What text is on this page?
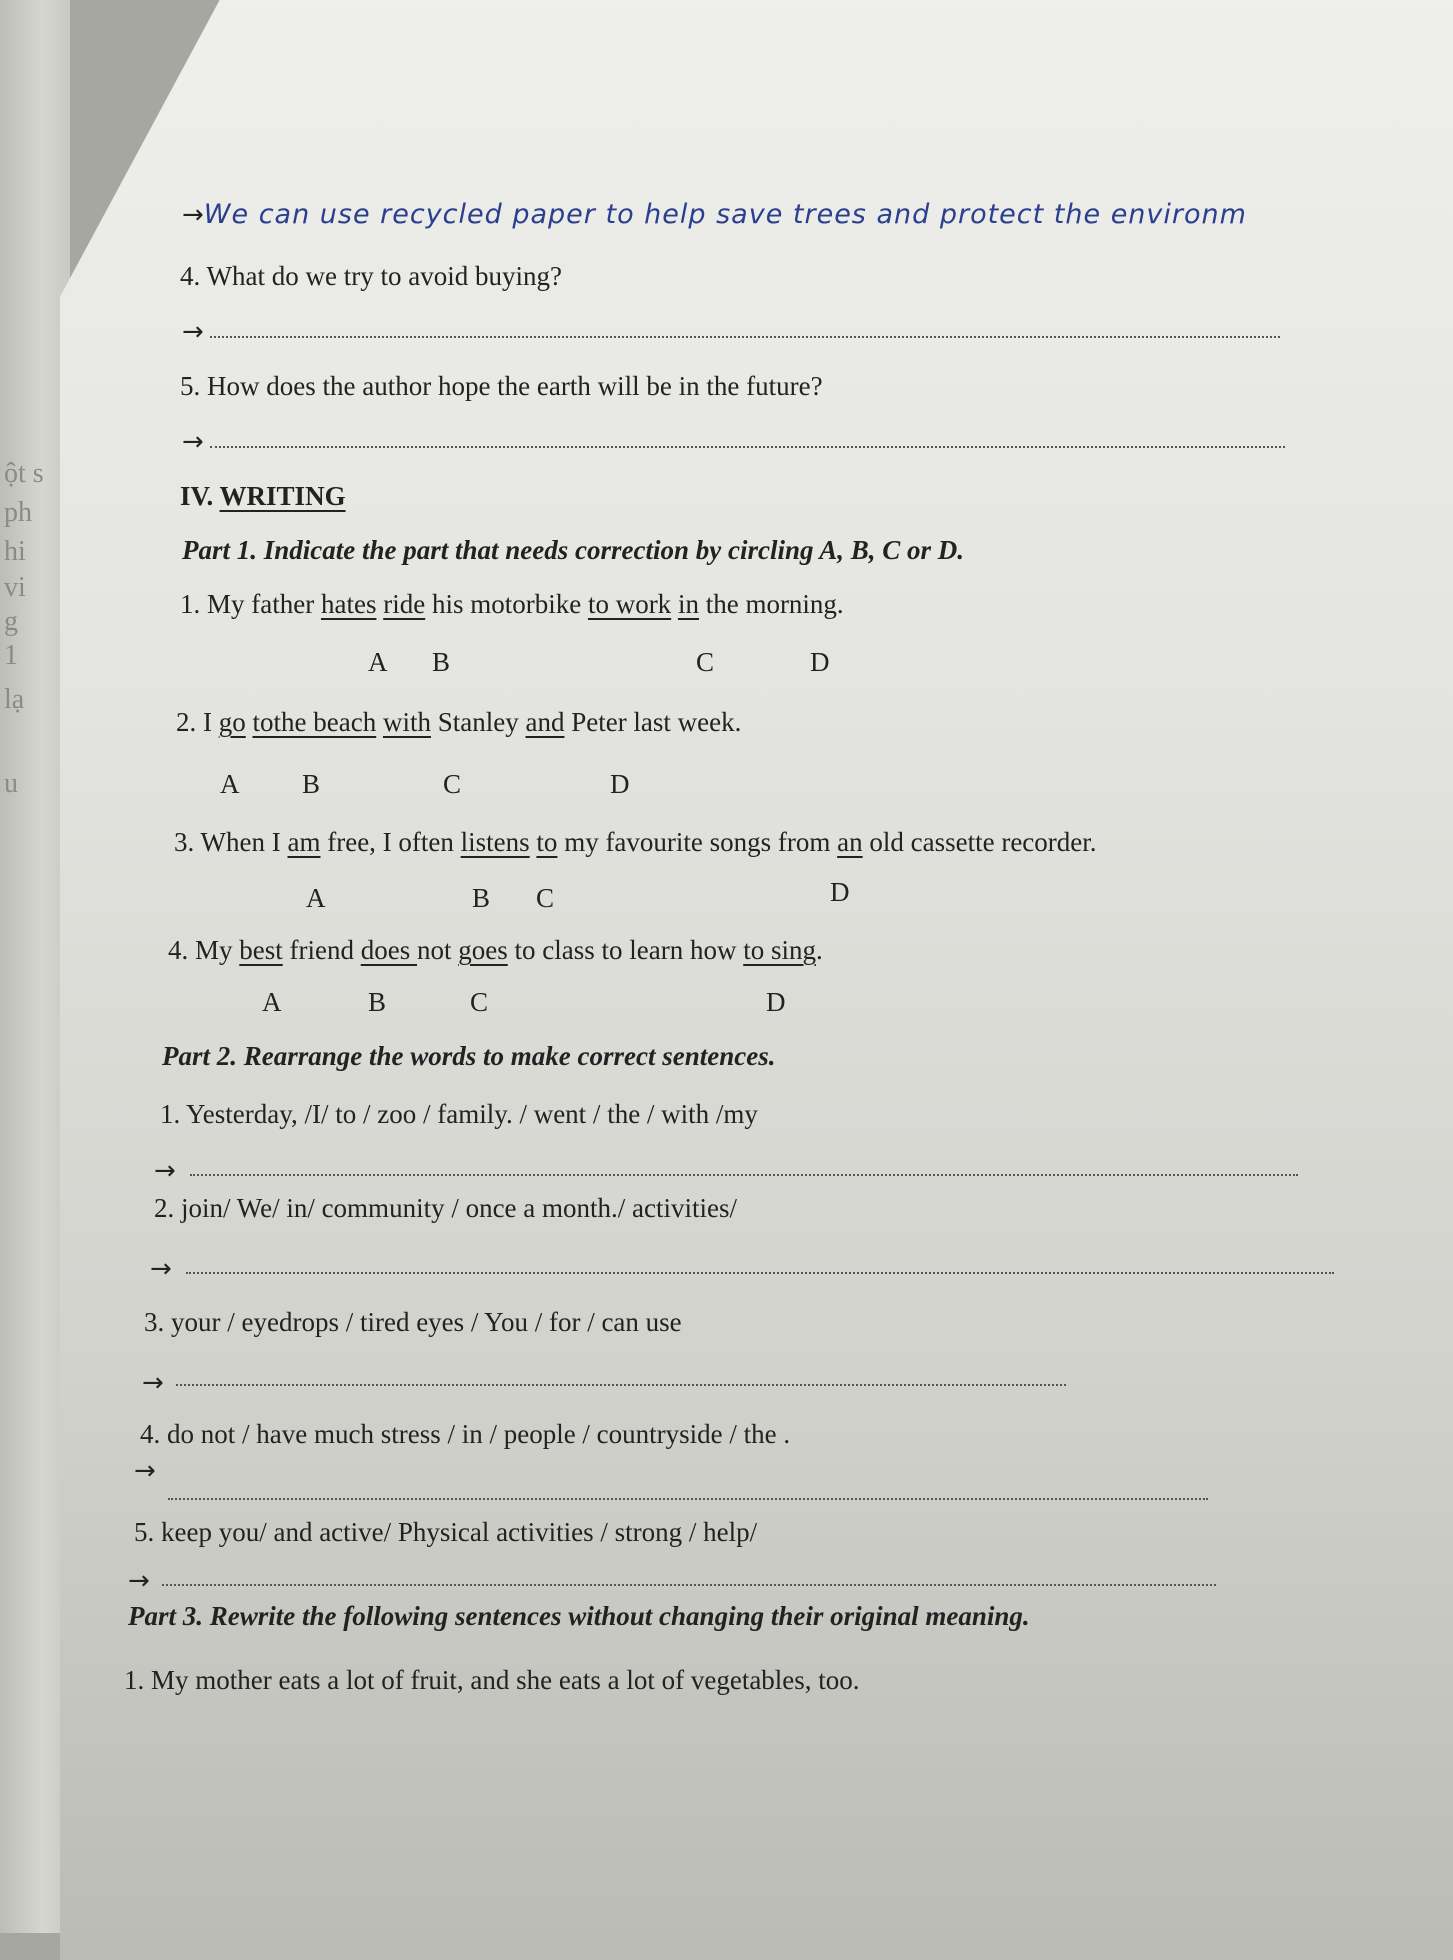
ột s
ph
hi
vi
g
1
lạ
u
→We can use recycled paper to help save trees and protect the environm
4. What do we try to avoid buying?
→
5. How does the author hope the earth will be in the future?
→
IV. WRITING
Part 1. Indicate the part that needs correction by circling A, B, C or D.
1. My father hates ride his motorbike to work in the morning.
A B	C	D
2. I go tothe beach with Stanley and Peter last week.
A B	C	D
3. When I am free, I often listens to my favourite songs from an old cassette recorder.
A	B C	D
4. My best friend does not goes to class to learn how to sing.
A	B	C	D
Part 2. Rearrange the words to make correct sentences.
1. Yesterday, /I/ to / zoo / family. / went / the / with /my
→
2. join/ We/ in/ community / once a month./ activities/
→
3. your / eyedrops / tired eyes / You / for / can use
→
4. do not / have much stress / in / people / countryside / the .
→
5. keep you/ and active/ Physical activities / strong / help/
→
Part 3. Rewrite the following sentences without changing their original meaning.
1. My mother eats a lot of fruit, and she eats a lot of vegetables, too.
